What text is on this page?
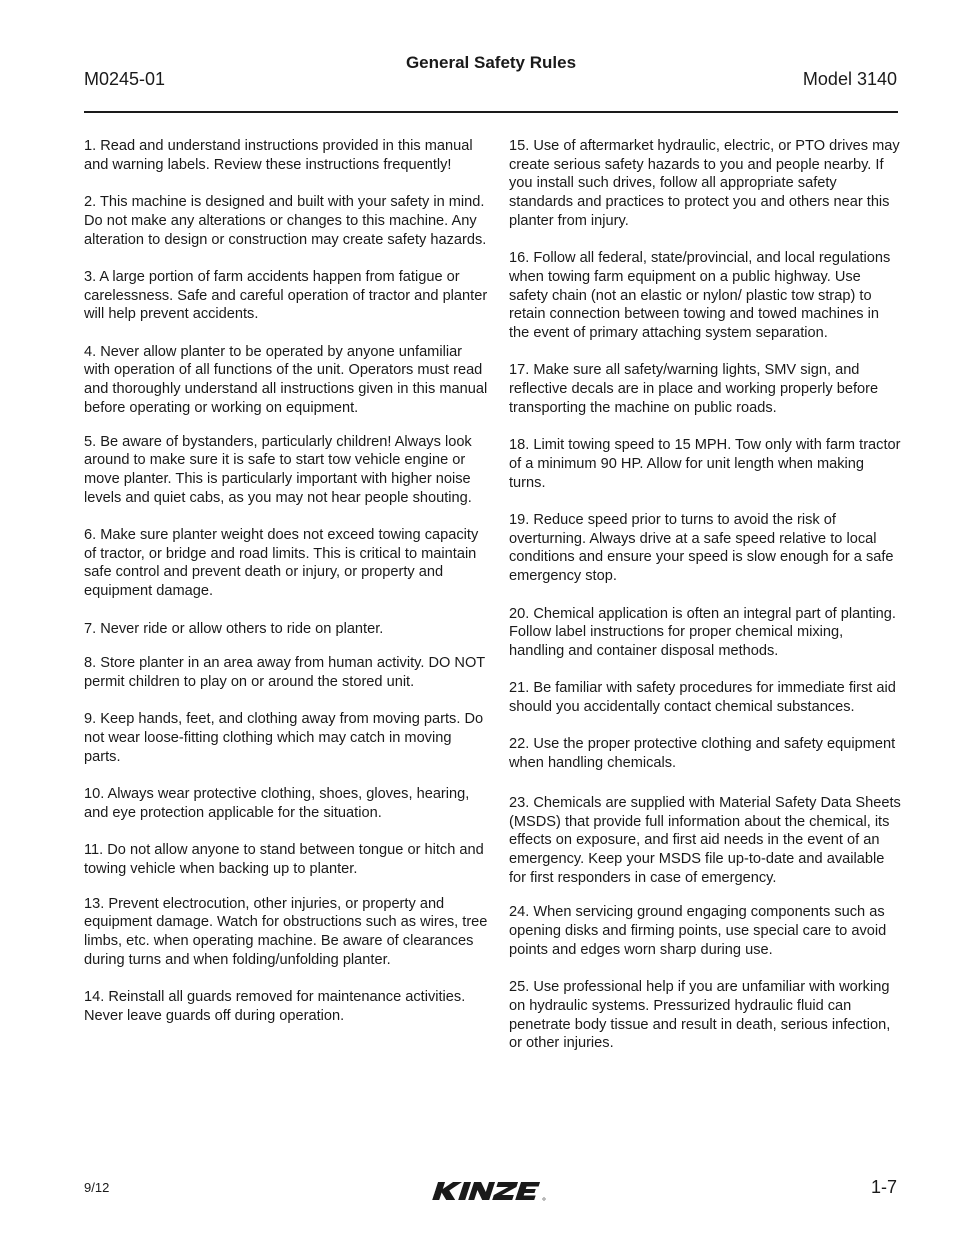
General Safety Rules
M0245-01	Model 3140

1. Read and understand instructions provided in this manual and warning labels. Review these instructions frequently!

2. This machine is designed and built with your safety in mind. Do not make any alterations or changes to this machine. Any alteration to design or construction may create safety hazards.

3. A large portion of farm accidents happen from fatigue or carelessness. Safe and careful operation of tractor and planter will help prevent accidents.

4. Never allow planter to be operated by anyone unfamiliar with operation of all functions of the unit. Operators must read and thoroughly understand all instructions given in this manual before operating or working on equipment.

5. Be aware of bystanders, particularly children! Always look around to make sure it is safe to start tow vehicle engine or move planter. This is particularly important with higher noise levels and quiet cabs, as you may not hear people shouting.

6. Make sure planter weight does not exceed towing capacity of tractor, or bridge and road limits. This is critical to maintain safe control and prevent death or injury, or property and equipment damage.

7. Never ride or allow others to ride on planter.

8. Store planter in an area away from human activity. DO NOT permit children to play on or around the stored unit.

9. Keep hands, feet, and clothing away from moving parts. Do not wear loose-fitting clothing which may catch in moving parts.

10. Always wear protective clothing, shoes, gloves, hearing, and eye protection applicable for the situation.

11. Do not allow anyone to stand between tongue or hitch and towing vehicle when backing up to planter.

13. Prevent electrocution, other injuries, or property and equipment damage. Watch for obstructions such as wires, tree limbs, etc. when operating machine. Be aware of clearances during turns and when folding/unfolding planter.

14. Reinstall all guards removed for maintenance activities. Never leave guards off during operation.

15. Use of aftermarket hydraulic, electric, or PTO drives may create serious safety hazards to you and people nearby. If you install such drives, follow all appropriate safety standards and practices to protect you and others near this planter from injury.

16. Follow all federal, state/provincial, and local regulations when towing farm equipment on a public highway. Use safety chain (not an elastic or nylon/ plastic tow strap) to retain connection between towing and towed machines in the event of primary attaching system separation.

17. Make sure all safety/warning lights, SMV sign, and reflective decals are in place and working properly before transporting the machine on public roads.

18. Limit towing speed to 15 MPH. Tow only with farm tractor of a minimum 90 HP. Allow for unit length when making turns.

19. Reduce speed prior to turns to avoid the risk of overturning. Always drive at a safe speed relative to local conditions and ensure your speed is slow enough for a safe emergency stop.

20. Chemical application is often an integral part of planting. Follow label instructions for proper chemical mixing, handling and container disposal methods.

21. Be familiar with safety procedures for immediate first aid should you accidentally contact chemical substances.

22. Use the proper protective clothing and safety equipment when handling chemicals.

23. Chemicals are supplied with Material Safety Data Sheets (MSDS) that provide full information about the chemical, its effects on exposure, and first aid needs in the event of an emergency. Keep your MSDS file up-to-date and available for first responders in case of emergency.

24. When servicing ground engaging components such as opening disks and firming points, use special care to avoid points and edges worn sharp during use.

25. Use professional help if you are unfamiliar with working on hydraulic systems. Pressurized hydraulic fluid can penetrate body tissue and result in death, serious infection, or other injuries.

9/12	1-7
